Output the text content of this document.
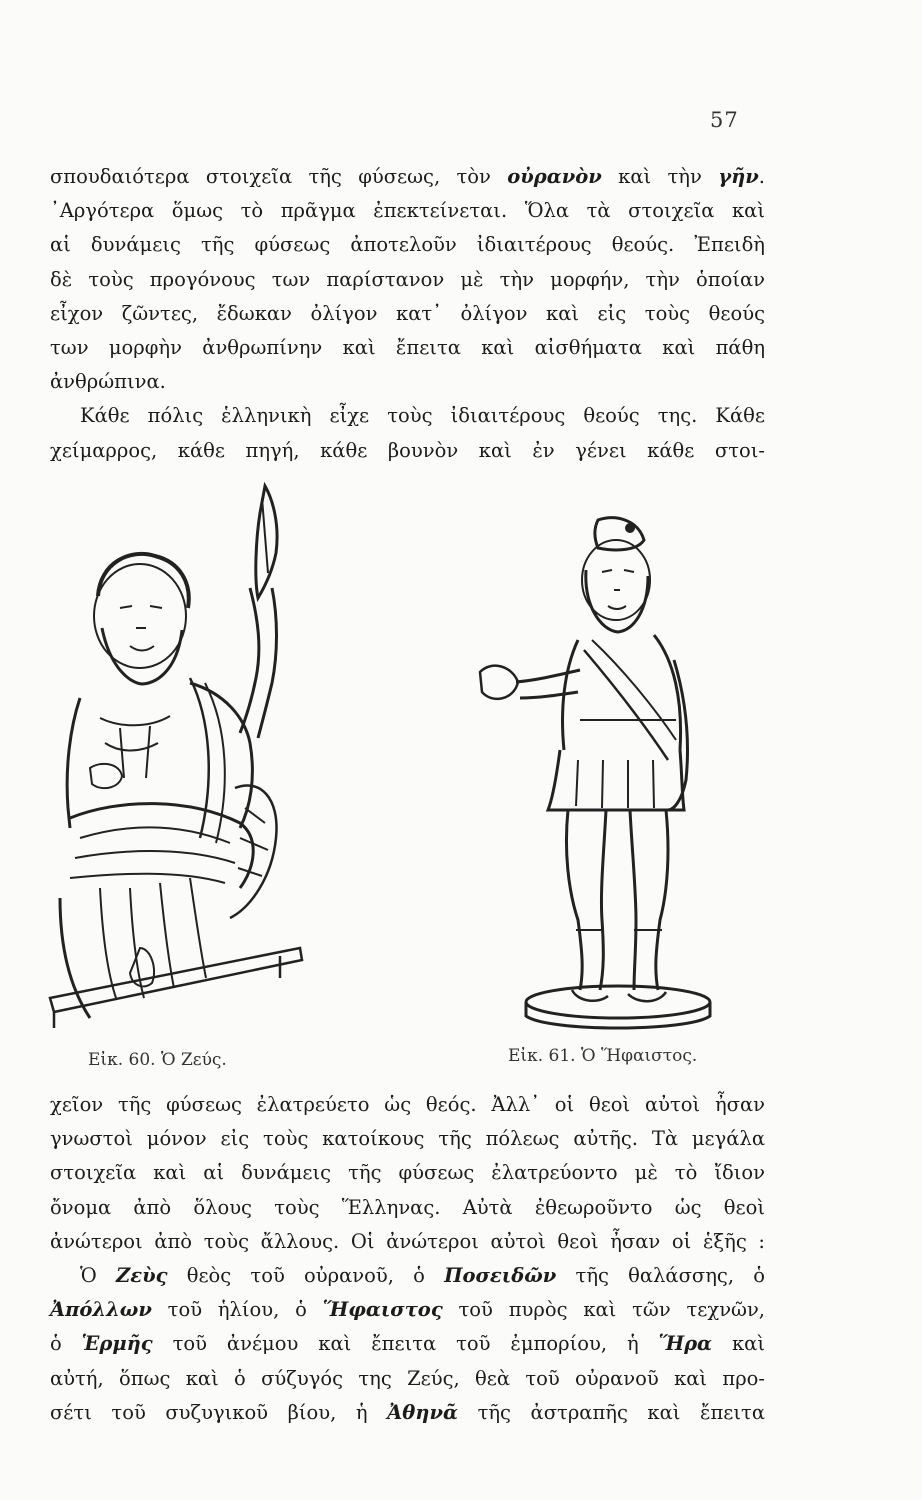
57
σπουδαιότερα στοιχεῖα τῆς φύσεως, τὸν οὐρανὸν καὶ τὴν γῆν.
᾿Αργότερα ὅμως τὸ πρᾶγμα ἐπεκτείνεται. Ὅλα τὰ στοιχεῖα καὶ
αἱ δυνάμεις τῆς φύσεως ἀποτελοῦν ἰδιαιτέρους θεούς. Ἐπειδὴ
δὲ τοὺς προγόνους των παρίστανον μὲ τὴν μορφήν, τὴν ὁποίαν
εἶχον ζῶντες, ἔδωκαν ὀλίγον κατ᾿ ὀλίγον καὶ εἰς τοὺς θεούς
των μορφὴν ἀνθρωπίνην καὶ ἔπειτα καὶ αἰσθήματα καὶ πάθη
ἀνθρώπινα.
Κάθε πόλις ἑλληνικὴ εἶχε τοὺς ἰδιαιτέρους θεούς της. Κάθε
χείμαρρος, κάθε πηγή, κάθε βουνὸν καὶ ἐν γένει κάθε στοι-
Εἰκ. 60. Ὁ Ζεύς.	Εἰκ. 61. Ὁ Ἥφαιστος.
χεῖον τῆς φύσεως ἐλατρεύετο ὡς θεός. Ἀλλ᾿ οἱ θεοὶ αὐτοὶ ἦσαν
γνωστοὶ μόνον εἰς τοὺς κατοίκους τῆς πόλεως αὐτῆς. Τὰ μεγάλα
στοιχεῖα καὶ αἱ δυνάμεις τῆς φύσεως ἐλατρεύοντο μὲ τὸ ἴδιον
ὄνομα ἀπὸ ὅλους τοὺς Ἕλληνας. Αὐτὰ ἐθεωροῦντο ὡς θεοὶ
ἀνώτεροι ἀπὸ τοὺς ἄλλους. Οἱ ἀνώτεροι αὐτοὶ θεοὶ ἦσαν οἱ ἑξῆς :
Ὁ Ζεὺς θεὸς τοῦ οὐρανοῦ, ὁ Ποσειδῶν τῆς θαλάσσης, ὁ
Ἀπόλλων τοῦ ἡλίου, ὁ Ἥφαιστος τοῦ πυρὸς καὶ τῶν τεχνῶν,
ὁ Ἑρμῆς τοῦ ἀνέμου καὶ ἔπειτα τοῦ ἐμπορίου, ἡ Ἥρα καὶ
αὐτή, ὅπως καὶ ὁ σύζυγός της Ζεύς, θεὰ τοῦ οὐρανοῦ καὶ προ-
σέτι τοῦ συζυγικοῦ βίου, ἡ Ἀθηνᾶ τῆς ἀστραπῆς καὶ ἔπειτα
